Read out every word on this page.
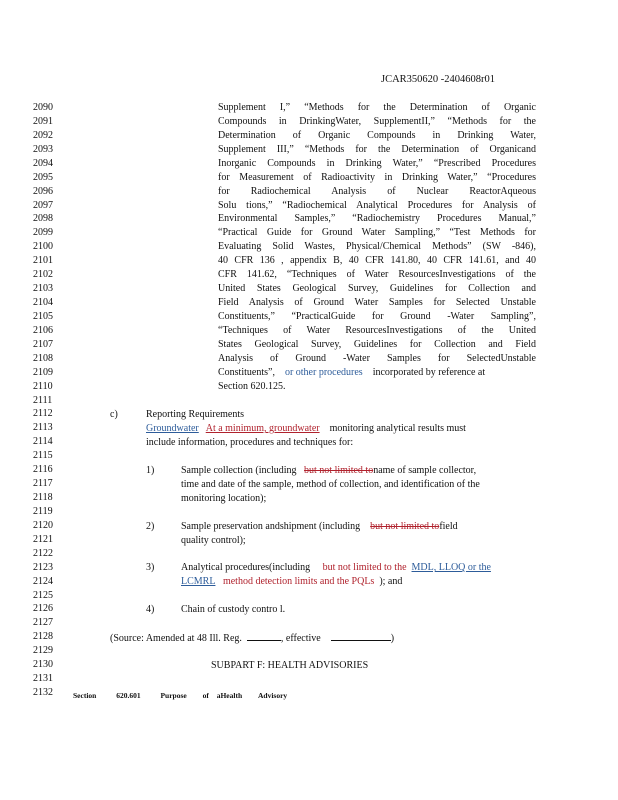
JCAR350620 -2404608r01
2090
2091
2092
2093
2094
2095
2096
2097
2098
2099
2100
2101
2102
2103
2104
2105
2106
2107
2108
2109
2110
2111
2112
2113
2114
2115
2116
2117
2118
2119
2120
2121
2122
2123
2124
2125
2126
2127
2128
2129
2130
2131
2132
Supplement I,” “Methods for the Determination of Organic
Compounds in DrinkingWater, SupplementII,” “Methods for the
Determination of Organic Compounds in Drinking Water,
Supplement III,” “Methods for the Determination of Organicand
Inorganic Compounds in Drinking Water,” “Prescribed Procedures
for Measurement of Radioactivity in Drinking Water,” “Procedures
for Radiochemical Analysis of Nuclear ReactorAqueous
Solu tions,” “Radiochemical Analytical Procedures for Analysis of
Environmental Samples,” “Radiochemistry Procedures Manual,”
“Practical Guide for Ground Water Sampling,” “Test Methods for
Evaluating Solid Wastes, Physical/Chemical Methods” (SW -846),
40 CFR 136 , appendix B, 40 CFR 141.80, 40 CFR 141.61, and 40
CFR 141.62, “Techniques of Water ResourcesInvestigations of the
United States Geological Survey, Guidelines for Collection and
Field Analysis of Ground Water Samples for Selected Unstable
Constituents,” “PracticalGuide for Ground -Water Sampling”,
“Techniques of Water ResourcesInvestigations of the United
States Geological Survey, Guidelines for Collection and Field
Analysis of Ground -Water Samples for SelectedUnstable
Constituents”, or other procedures incorporated by reference at
Section 620.125.
c)	Reporting Requirements
Groundwater At a minimum, groundwater monitoring analytical results must
include information, procedures and techniques for:
1)	Sample collection (including but not limited toname of sample collector,
time and date of the sample, method of collection, and identification of the
monitoring location);
2)	Sample preservation andshipment (including but not limited tofield
quality control);
3)	Analytical procedures(including but not limited to the MDL, LLOQ or the
LCMRL method detection limits and the PQLs ); and
4)	Chain of custody contro l.
(Source: Amended at 48 Ill. Reg.	, effective	)
SUBPART F: HEALTH ADVISORIES
Section	620.601	Purpose of aHealth Advisory
